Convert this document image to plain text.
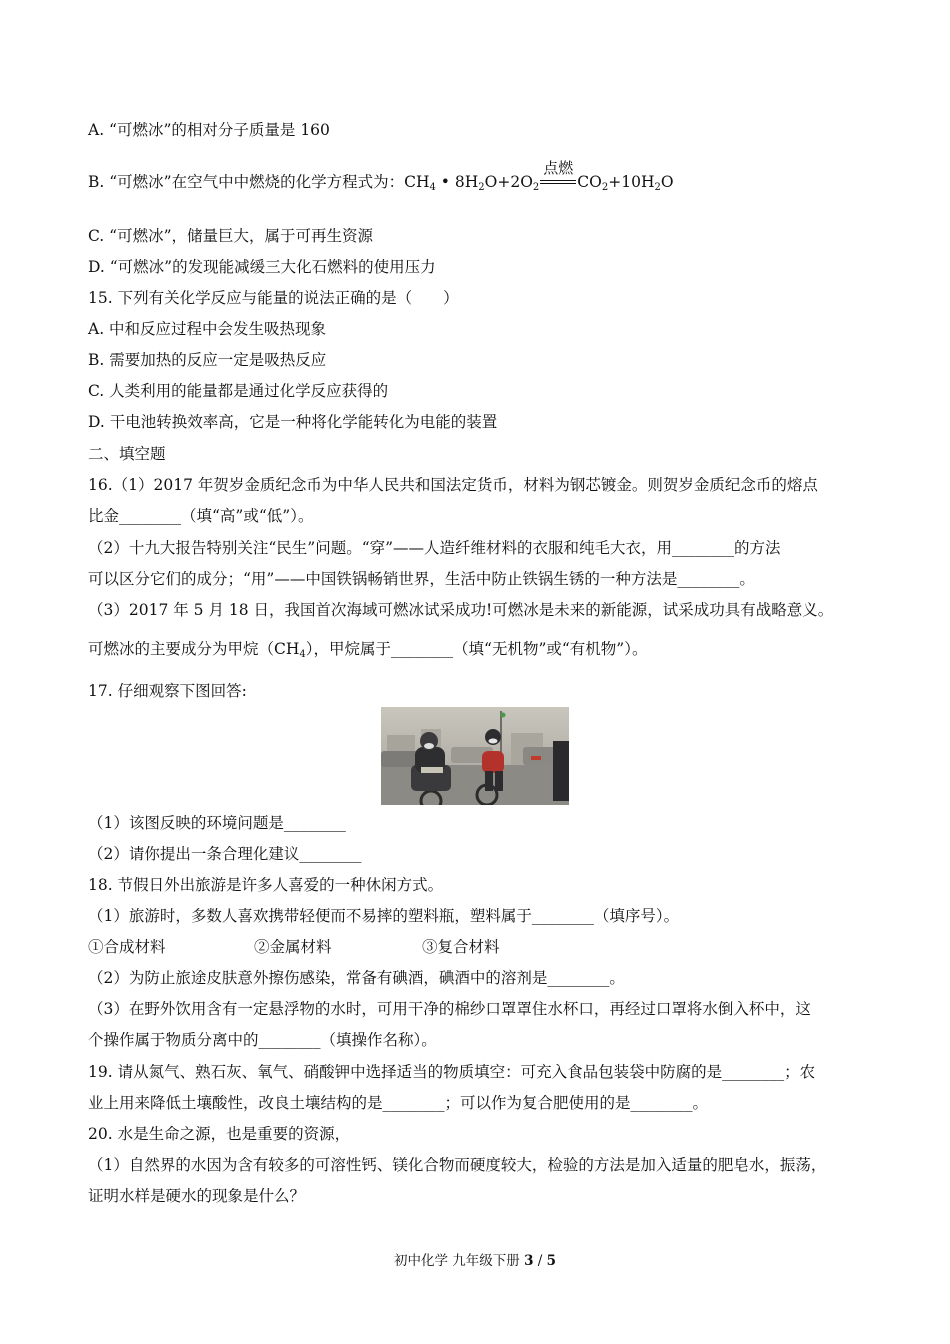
A. “可燃冰”的相对分子质量是 160
B. “可燃冰”在空气中中燃烧的化学方程式为：$CH_4$ • $8H_2O+2O_2$
点燃
$CO_2+10H_2O$
C. “可燃冰”，储量巨大，属于可再生资源
D. “可燃冰”的发现能减缓三大化石燃料的使用压力
15. 下列有关化学反应与能量的说法正确的是（　　）
A. 中和反应过程中会发生吸热现象
B. 需要加热的反应一定是吸热反应
C. 人类利用的能量都是通过化学反应获得的
D. 干电池转换效率高，它是一种将化学能转化为电能的装置
二、填空题
16.（1）2017 年贺岁金质纪念币为中华人民共和国法定货币，材料为钢芯镀金。则贺岁金质纪念币的熔点
比金________（填“高”或“低”）。
（2）十九大报告特别关注“民生”问题。“穿”——人造纤维材料的衣服和纯毛大衣，用________的方法
可以区分它们的成分；“用”——中国铁锅畅销世界，生活中防止铁锅生锈的一种方法是________。
（3）2017 年 5 月 18 日，我国首次海域可燃冰试采成功!可燃冰是未来的新能源，试采成功具有战略意义。
可燃冰的主要成分为甲烷$(CH_4)$，甲烷属于________（填“无机物”或“有机物”）。
17. 仔细观察下图回答:
（1）该图反映的环境问题是________
（2）请你提出一条合理化建议________
18. 节假日外出旅游是许多人喜爱的一种休闲方式。
（1）旅游时，多数人喜欢携带轻便而不易摔的塑料瓶，塑料属于________（填序号）。
①合成材料	②金属材料	③复合材料
（2）为防止旅途皮肤意外擦伤感染，常备有碘酒，碘酒中的溶剂是________。
（3）在野外饮用含有一定悬浮物的水时，可用干净的棉纱口罩罩住水杯口，再经过口罩将水倒入杯中，这
个操作属于物质分离中的________（填操作名称）。
19. 请从氮气、熟石灰、氧气、硝酸钾中选择适当的物质填空：可充入食品包装袋中防腐的是________；农
业上用来降低土壤酸性，改良土壤结构的是________；可以作为复合肥使用的是________。
20. 水是生命之源，也是重要的资源，
（1）自然界的水因为含有较多的可溶性钙、镁化合物而硬度较大，检验的方法是加入适量的肥皂水，振荡，
证明水样是硬水的现象是什么？
初中化学 九年级下册 3 / 5
